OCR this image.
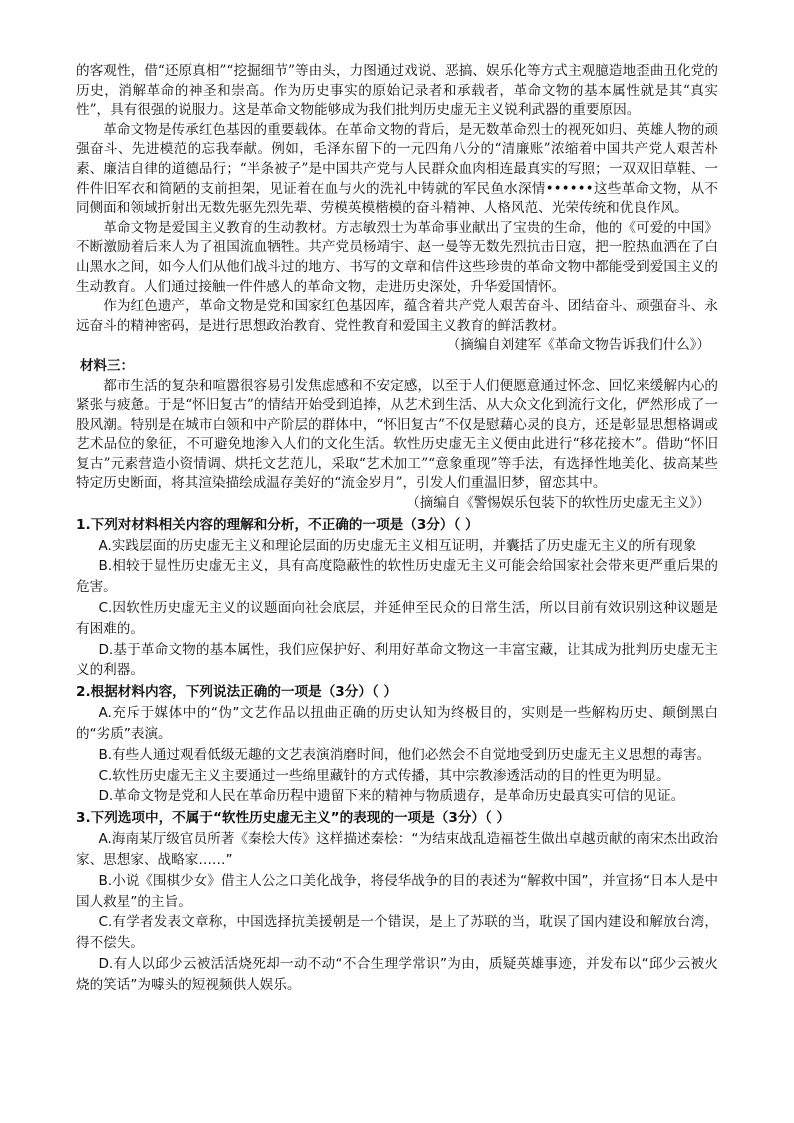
的客观性，借“还原真相”“挖掘细节”等由头，力图通过戏说、恶搞、娱乐化等方式主观臆造地歪曲丑化党的历史，消解革命的神圣和崇高。作为历史事实的原始记录者和承载者，革命文物的基本属性就是其“真实性”，具有很强的说服力。这是革命文物能够成为我们批判历史虚无主义锐利武器的重要原因。

革命文物是传承红色基因的重要载体。在革命文物的背后，是无数革命烈士的视死如归、英雄人物的顽强奋斗、先进模范的忘我奉献。例如，毛泽东留下的一元四角八分的“清廉账”浓缩着中国共产党人艰苦朴素、廉洁自律的道德品行；“半条被子”是中国共产党与人民群众血肉相连最真实的写照；一双双旧草鞋、一件件旧军衣和简陋的支前担架，见证着在血与火的洗礼中铸就的军民鱼水深情••••••这些革命文物，从不同侧面和领域折射出无数先驱先烈先辈、劳模英模楷模的奋斗精神、人格风范、光荣传统和优良作风。

革命文物是爱国主义教育的生动教材。方志敏烈士为革命事业献出了宝贵的生命，他的《可爱的中国》不断激励着后来人为了祖国流血牺牲。共产党员杨靖宇、赵一曼等无数先烈抗击日寇，把一腔热血洒在了白山黑水之间，如今人们从他们战斗过的地方、书写的文章和信件这些珍贵的革命文物中都能受到爱国主义的生动教育。人们通过接触一件件感人的革命文物，走进历史深处，升华爱国情怀。

作为红色遗产，革命文物是党和国家红色基因库，蕴含着共产党人艰苦奋斗、团结奋斗、顽强奋斗、永远奋斗的精神密码，是进行思想政治教育、党性教育和爱国主义教育的鲜活教材。

（摘编自刘建军《革命文物告诉我们什么》）

材料三：

都市生活的复杂和喧嚣很容易引发焦虑感和不安定感，以至于人们便愿意通过怀念、回忆来缓解内心的紧张与疲惫。于是“怀旧复古”的情结开始受到追捧，从艺术到生活、从大众文化到流行文化，俨然形成了一股风潮。特别是在城市白领和中产阶层的群体中，“怀旧复古”不仅是慰藉心灵的良方，还是彰显思想格调或艺术品位的象征，不可避免地渗入人们的文化生活。软性历史虚无主义便由此进行“移花接木”。借助“怀旧复古”元素营造小资情调、烘托文艺范儿，采取“艺术加工”“意象重现”等手法，有选择性地美化、拔高某些特定历史断面，将其渲染描绘成温存美好的“流金岁月”，引发人们重温旧梦，留恋其中。

（摘编自《警惕娱乐包装下的软性历史虚无主义》）

1.下列对材料相关内容的理解和分析，不正确的一项是（3分）（ ）

A.实践层面的历史虚无主义和理论层面的历史虚无主义相互证明，并囊括了历史虚无主义的所有现象

B.相较于显性历史虚无主义，具有高度隐蔽性的软性历史虚无主义可能会给国家社会带来更严重后果的危害。

C.因软性历史虚无主义的议题面向社会底层，并延伸至民众的日常生活，所以目前有效识别这种议题是有困难的。

D.基于革命文物的基本属性，我们应保护好、利用好革命文物这一丰富宝藏，让其成为批判历史虚无主义的利器。

2.根据材料内容，下列说法正确的一项是（3分）（ ）

A.充斥于媒体中的“伪”文艺作品以扭曲正确的历史认知为终极目的，实则是一些解构历史、颠倒黑白的“劣质”表演。

B.有些人通过观看低级无趣的文艺表演消磨时间，他们必然会不自觉地受到历史虚无主义思想的毒害。

C.软性历史虚无主义主要通过一些绵里藏针的方式传播，其中宗教渗透活动的目的性更为明显。

D.革命文物是党和人民在革命历程中遗留下来的精神与物质遗存，是革命历史最真实可信的见证。

3.下列选项中，不属于“软性历史虚无主义”的表现的一项是（3分）（ ）

A.海南某厅级官员所著《秦桧大传》这样描述秦桧：“为结束战乱造福苍生做出卓越贡献的南宋杰出政治家、思想家、战略家……”

B.小说《围棋少女》借主人公之口美化战争，将侵华战争的目的表述为“解救中国”，并宣扬“日本人是中国人救星”的主旨。

C.有学者发表文章称，中国选择抗美援朝是一个错误，是上了苏联的当，耽误了国内建设和解放台湾，得不偿失。

D.有人以邱少云被活活烧死却一动不动“不合生理学常识”为由，质疑英雄事迹，并发布以“邱少云被火烧的笑话”为噱头的短视频供人娱乐。
